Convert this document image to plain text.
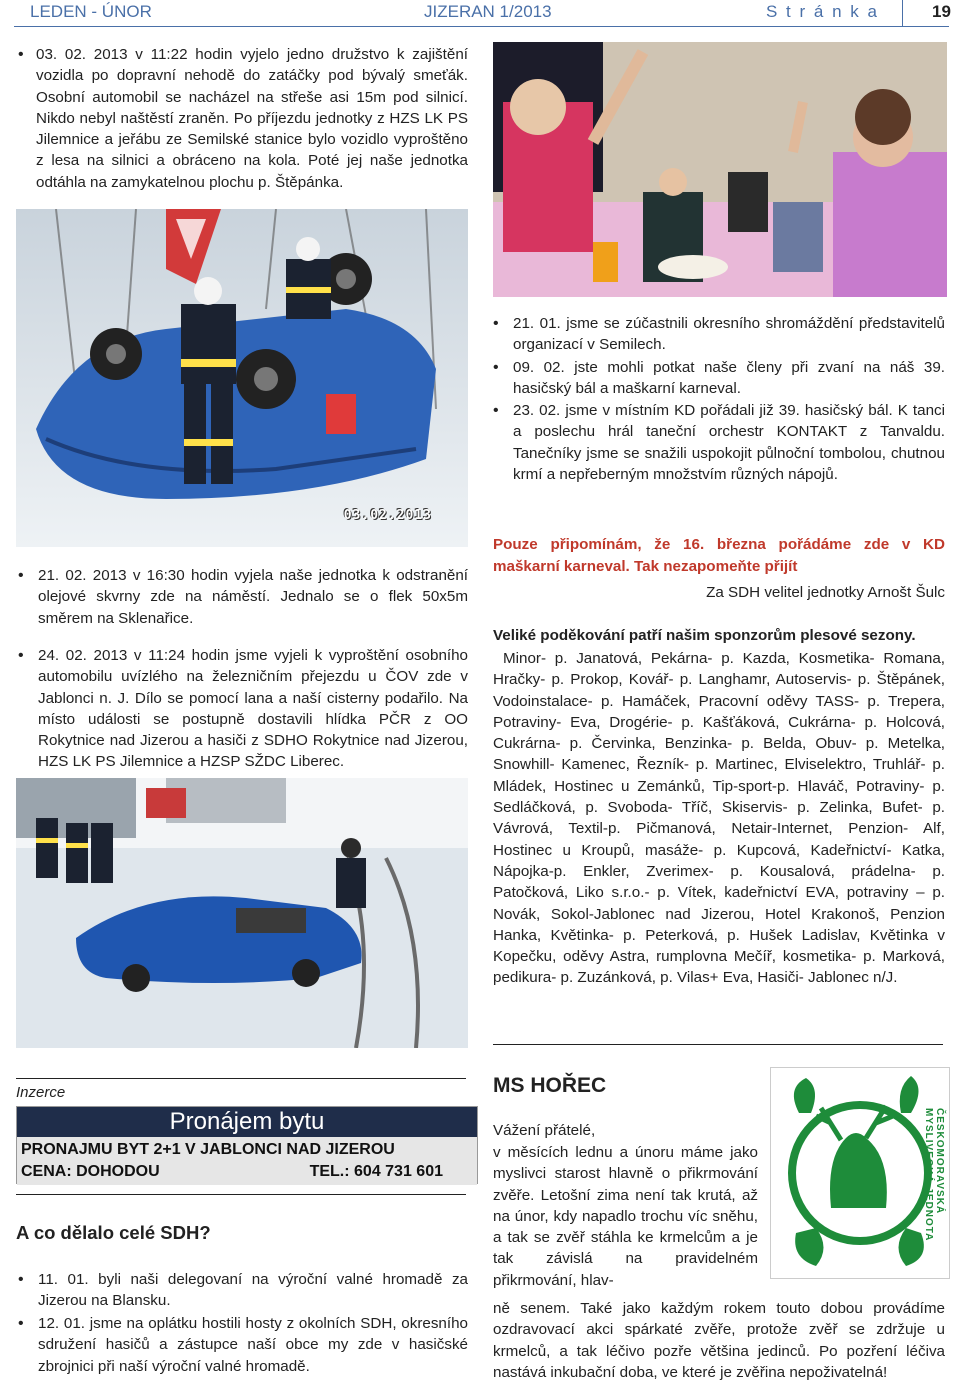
LEDEN - ÚNOR	JIZERAN 1/2013	S t r á n k a	19
•
03. 02. 2013 v 11:22 hodin vyjelo jedno družstvo k zajištění vozidla po dopravní nehodě do zatáčky pod bývalý smeťák. Osobní automobil se nacházel na střeše asi 15m pod silnicí. Nikdo nebyl naštěstí zraněn. Po příjezdu jednotky z HZS LK PS Jilemnice a jeřábu ze Semilské stanice bylo vozidlo vyproštěno z lesa na silnici a obráceno na kola. Poté jej naše jednotka odtáhla na zamykatelnou plochu p. Štěpánka.
03.02.2013
•
21. 02. 2013 v 16:30 hodin vyjela naše jednotka k odstranění olejové skvrny zde na náměstí. Jednalo se o flek 50x5m směrem na Sklenařice.
•
24. 02. 2013 v 11:24 hodin jsme vyjeli k vyproštění osobního automobilu uvízlého na železničním přejezdu u ČOV zde v Jablonci n. J. Dílo se pomocí lana a naší cisterny podařilo. Na místo události se postupně dostavili hlídka PČR z OO Rokytnice nad Jizerou a hasiči z SDHO Rokytnice nad Jizerou, HZS LK PS Jilemnice a HZSP SŽDC Liberec.
•
21. 01. jsme se zúčastnili okresního shromáždění představitelů organizací v Semilech.
•
09. 02. jste mohli potkat naše členy při zvaní na náš 39. hasičský bál a maškarní karneval.
•
23. 02. jsme v místním KD pořádali již 39. hasičský bál. K tanci a poslechu hrál taneční orchestr KONTAKT z Tanvaldu. Tanečníky jsme se snažili uspokojit půlnoční tombolou, chutnou krmí a nepřeberným množstvím různých nápojů.
Pouze připomínám, že 16. března pořádáme zde v KD maškarní karneval. Tak nezapomeňte přijít
Za SDH velitel jednotky Arnošt Šulc
Veliké poděkování patří našim sponzorům plesové sezony.
Minor- p. Janatová, Pekárna- p. Kazda, Kosmetika- Romana, Hračky- p. Prokop, Kovář- p. Langhamr, Autoservis- p. Štěpánek, Vodoinstalace- p. Hamáček, Pracovní oděvy TASS- p. Trepera, Potraviny- Eva, Drogérie- p. Kašťáková, Cukrárna- p. Holcová, Cukrárna- p. Červinka, Benzinka- p. Belda, Obuv- p. Metelka, Snowhill- Kamenec, Řezník- p. Martinec, Elviselektro, Truhlář- p. Mládek, Hostinec u Zemánků, Tip-sport-p. Hlaváč, Potraviny- p. Sedláčková, p. Svoboda- Tříč, Skiservis- p. Zelinka, Bufet- p. Vávrová, Textil-p. Pičmanová, Netair-Internet, Penzion- Alf, Hostinec u Kroupů, masáže- p. Kupcová, Kadeřnictví- Katka, Nápojka-p. Enkler, Zverimex- p. Kousalová, prádelna- p. Patočková, Liko s.r.o.- p. Vítek, kadeřnictví EVA, potraviny – p. Novák, Sokol-Jablonec nad Jizerou, Hotel Krakonoš, Penzion Hanka, Květinka- p. Peterková, p. Hušek Ladislav, Květinka v Kopečku, oděvy Astra, rumplovna Mečíř, kosmetika- p. Marková, pedikura- p. Zuzánková, p. Vilas+ Eva, Hasiči- Jablonec n/J.
Inzerce
Pronájem bytu
PRONAJMU BYT 2+1 V JABLONCI NAD JIZEROU
CENA: DOHODOU	TEL.: 604 731 601
A co dělalo celé SDH?
•
11. 01. byli naši delegovaní na výroční valné hromadě za Jizerou na Blansku.
•
12. 01. jsme na oplátku hostili hosty z okolních SDH, okresního sdružení hasičů a zástupce naší obce my zde v hasičské zbrojnici při naší výroční valné hromadě.
MS HOŘEC
Vážení přátelé,
v měsících lednu a únoru máme jako myslivci starost hlavně o přikrmování zvěře. Letošní zima není tak krutá, až na únor, kdy napadlo trochu víc sněhu, a tak se zvěř stáhla ke krmelcům a je tak závislá na pravidelném přikrmování, hlav-
ně senem. Také jako každým rokem touto dobou provádíme ozdravovací akci spárkaté zvěře, protože zvěř se zdržuje u krmelců, a tak léčivo pozře většina jedinců. Po pozření léčiva nastává inkubační doba, ve které je zvěřina nepoživatelná!
ČESKOMORAVSKÁ MYSLIVECKÁ JEDNOTA
